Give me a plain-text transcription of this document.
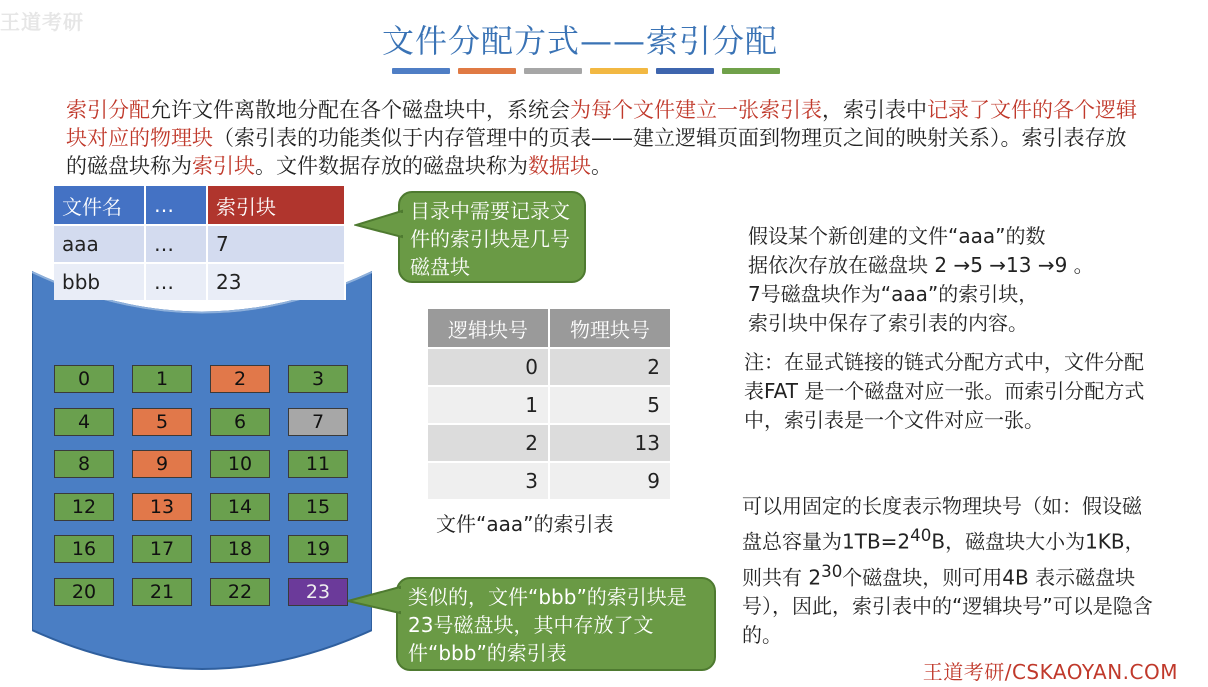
王道考研	文件分配方式——索引分配
索引分配允许文件离散地分配在各个磁盘块中，系统会为每个文件建立一张索引表，索引表中记录了文件的各个逻辑块对应的物理块（索引表的功能类似于内存管理中的页表——建立逻辑页面到物理页之间的映射关系）。索引表存放的磁盘块称为索引块。文件数据存放的磁盘块称为数据块。
文件名	…	索引块
aaa	…	7
bbb	…	23
0	1	2	3
4	5	6	7
8	9	10	11
12	13	14	15
16	17	18	19
20	21	22	23
目录中需要记录文件的索引块是几号磁盘块
类似的，文件“bbb”的索引块是23号磁盘块，其中存放了文件“bbb”的索引表
逻辑块号	物理块号
0	2
1	5
2	13
3	9
文件“aaa”的索引表
假设某个新创建的文件“aaa”的数
据依次存放在磁盘块 2 →5 →13 →9 。
7号磁盘块作为“aaa”的索引块，
索引块中保存了索引表的内容。
注：在显式链接的链式分配方式中，文件分配表FAT 是一个磁盘对应一张。而索引分配方式中，索引表是一个文件对应一张。
可以用固定的长度表示物理块号（如：假设磁盘总容量为$1TB=2^{40}B$，磁盘块大小为1KB，则共有 $2^{30}$个磁盘块，则可用4B 表示磁盘块号），因此，索引表中的“逻辑块号”可以是隐含的。
王道考研/CSKAOYAN.COM
